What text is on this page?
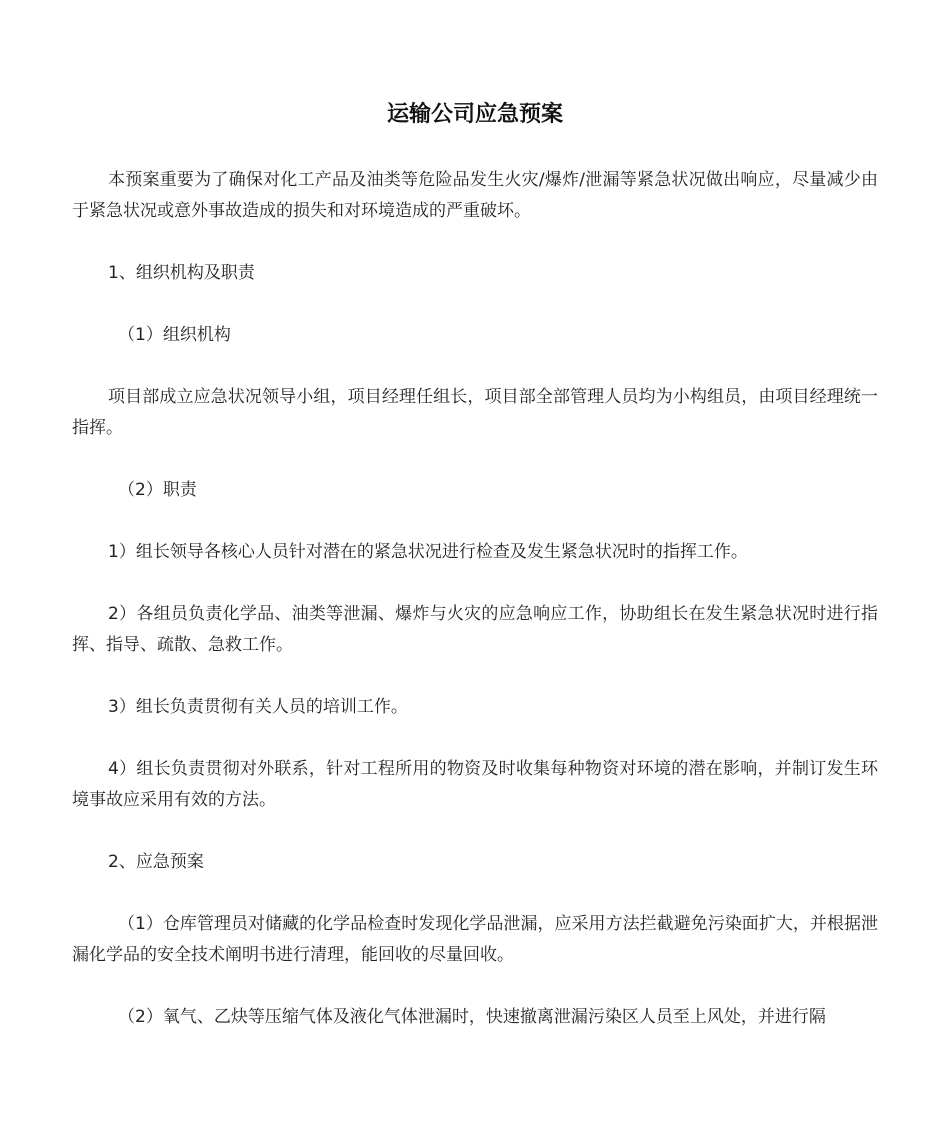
运输公司应急预案

本预案重要为了确保对化工产品及油类等危险品发生火灾/爆炸/泄漏等紧急状况做出响应，尽量减少由于紧急状况或意外事故造成的损失和对环境造成的严重破坏。

1、组织机构及职责

（1）组织机构

项目部成立应急状况领导小组，项目经理任组长，项目部全部管理人员均为小构组员，由项目经理统一指挥。

（2）职责

1）组长领导各核心人员针对潜在的紧急状况进行检查及发生紧急状况时的指挥工作。

2）各组员负责化学品、油类等泄漏、爆炸与火灾的应急响应工作，协助组长在发生紧急状况时进行指挥、指导、疏散、急救工作。

3）组长负责贯彻有关人员的培训工作。

4）组长负责贯彻对外联系，针对工程所用的物资及时收集每种物资对环境的潜在影响，并制订发生环境事故应采用有效的方法。

2、应急预案

（1）仓库管理员对储藏的化学品检查时发现化学品泄漏，应采用方法拦截避免污染面扩大，并根据泄漏化学品的安全技术阐明书进行清理，能回收的尽量回收。

（2）氧气、乙炔等压缩气体及液化气体泄漏时，快速撤离泄漏污染区人员至上风处，并进行隔
